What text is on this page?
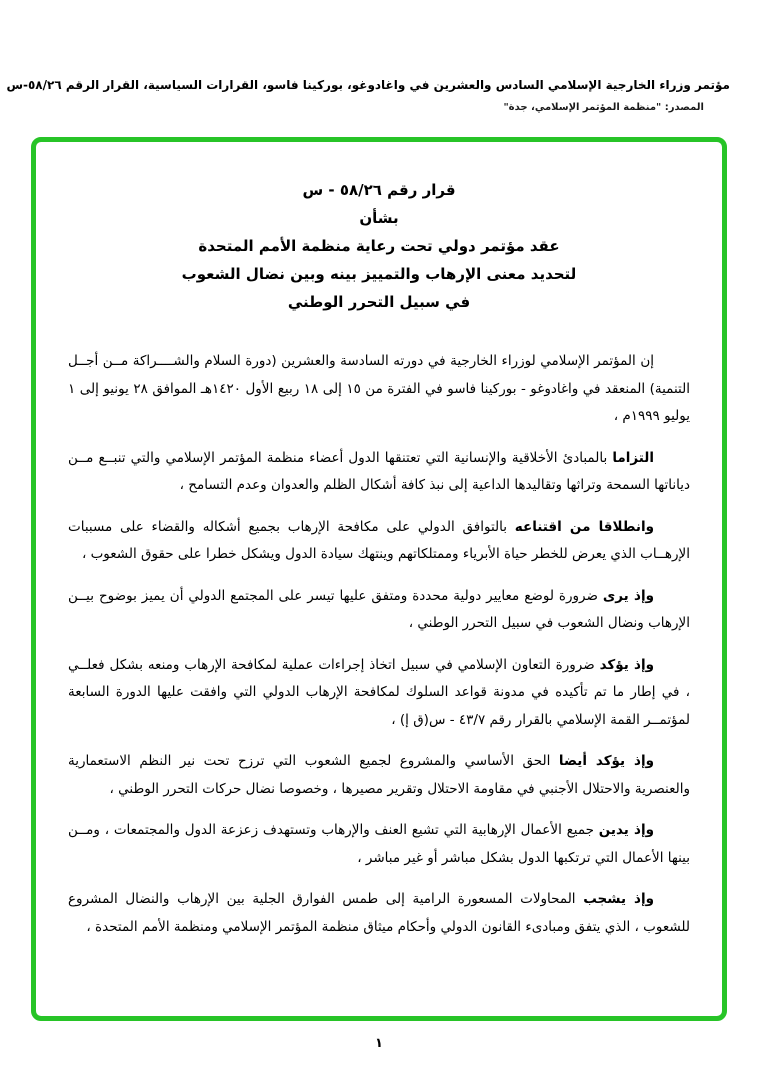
مؤتمر وزراء الخارجية الإسلامي السادس والعشرين في واغادوغو، بوركينا فاسو، القرارات السياسية، القرار الرقم ٥٨/٢٦-س
المصدر: "منظمة المؤتمر الإسلامي، جدة"
قرار رقم ٥٨/٢٦ - س
بشأن
عقد مؤتمر دولي تحت رعاية منظمة الأمم المتحدة
لتحديد معنى الإرهاب والتمييز بينه وبين نضال الشعوب
في سبيل التحرر الوطني

إن المؤتمر الإسلامي لوزراء الخارجية في دورته السادسة والعشرين (دورة السلام والشــــراكة مــن أجــل التنمية) المنعقد في واغادوغو - بوركينا فاسو في الفترة من ١٥ إلى ١٨ ربيع الأول ١٤٢٠هـ الموافق ٢٨ يونيو إلى ١ يوليو ١٩٩٩م ،

التزاما بالمبادئ الأخلاقية والإنسانية التي تعتنقها الدول أعضاء منظمة المؤتمر الإسلامي والتي تنبــع مــن دياناتها السمحة وتراثها وتقاليدها الداعية إلى نبذ كافة أشكال الظلم والعدوان وعدم التسامح ،

وانطلاقا من اقتناعه بالتوافق الدولي على مكافحة الإرهاب بجميع أشكاله والقضاء على مسببات الإرهــاب الذي يعرض للخطر حياة الأبرياء وممتلكاتهم وينتهك سيادة الدول ويشكل خطرا على حقوق الشعوب ،

وإذ يرى ضرورة لوضع معايير دولية محددة ومتفق عليها تيسر على المجتمع الدولي أن يميز بوضوح بيــن الإرهاب ونضال الشعوب في سبيل التحرر الوطني ،

وإذ يؤكد ضرورة التعاون الإسلامي في سبيل اتخاذ إجراءات عملية لمكافحة الإرهاب ومنعه بشكل فعلــي ، في إطار ما تم تأكيده في مدونة قواعد السلوك لمكافحة الإرهاب الدولي التي وافقت عليها الدورة السابعة لمؤتمــر القمة الإسلامي بالقرار رقم ٤٣/٧ - س(ق إ) ،

وإذ يؤكد أيضا الحق الأساسي والمشروع لجميع الشعوب التي ترزح تحت نير النظم الاستعمارية والعنصرية والاحتلال الأجنبي في مقاومة الاحتلال وتقرير مصيرها ، وخصوصا نضال حركات التحرر الوطني ،

وإذ يدين جميع الأعمال الإرهابية التي تشيع العنف والإرهاب وتستهدف زعزعة الدول والمجتمعات ، ومــن بينها الأعمال التي ترتكبها الدول بشكل مباشر أو غير مباشر ،

وإذ يشجب المحاولات المسعورة الرامية إلى طمس الفوارق الجلية بين الإرهاب والنضال المشروع للشعوب ، الذي يتفق ومبادىء القانون الدولي وأحكام ميثاق منظمة المؤتمر الإسلامي ومنظمة الأمم المتحدة ،

١
